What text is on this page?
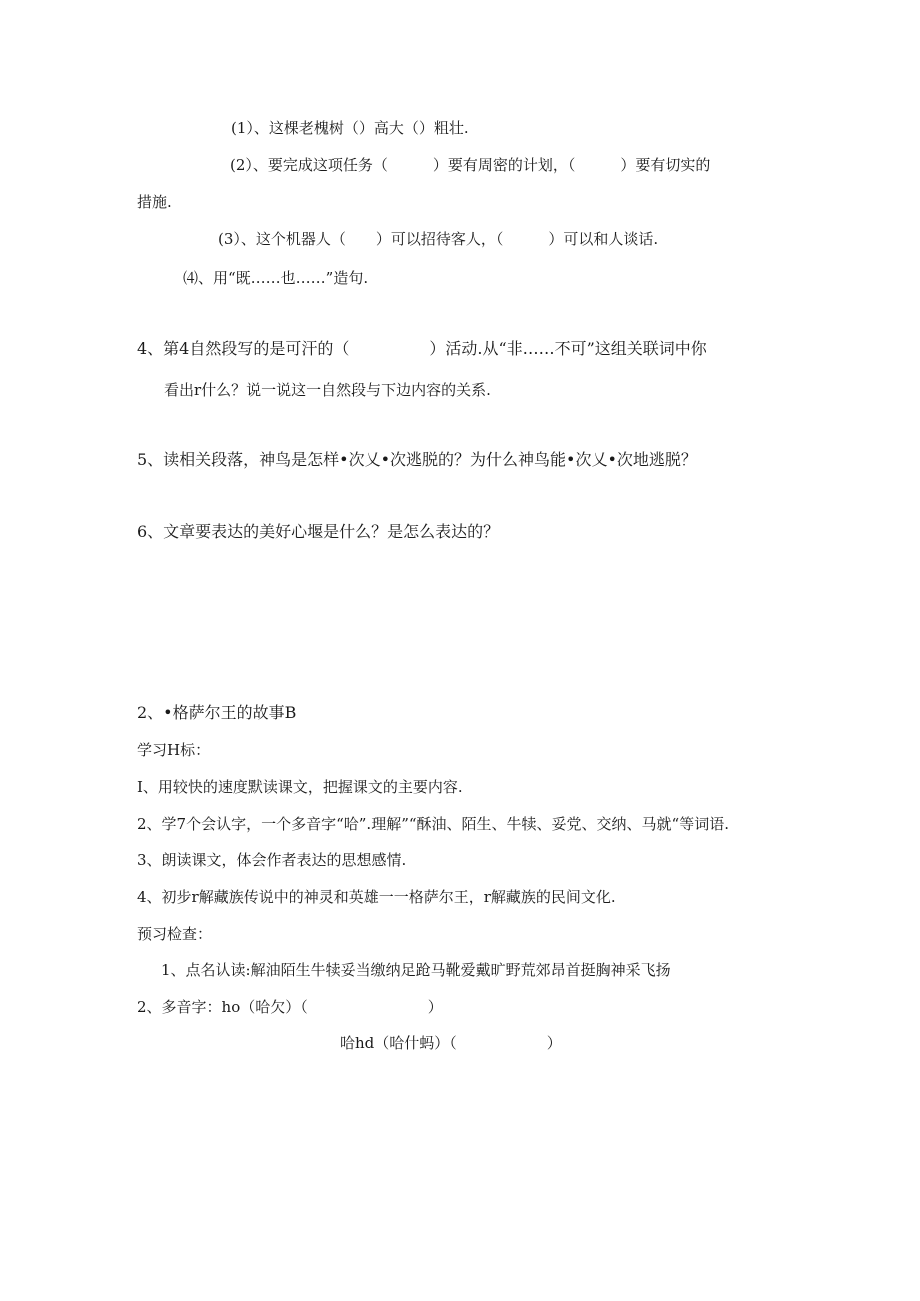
(1）、这棵老槐树（）高大（）粗壮.
(2）、要完成这项任务（　　　）要有周密的计划，（　　　）要有切实的
措施.
(3）、这个机器人（　　）可以招待客人，（　　　）可以和人谈话.
⑷、用“既……也……”造句.
4、第4自然段写的是可汗的（　　　　　）活动.从“非……不可”这组关联词中你
看出r什么？说一说这一自然段与下边内容的关系.
5、读相关段落，神鸟是怎样•次乂•次逃脱的？为什么神鸟能•次乂•次地逃脱？
6、文章要表达的美好心堰是什么？是怎么表达的？
2、•格萨尔王的故事B
学习H标：
I、用较快的速度默读课文，把握课文的主要内容.
2、学7个会认字，一个多音字“哈”.理解”“酥油、陌生、牛犊、妥党、交纳、马就“等词语.
3、朗读课文，体会作者表达的思想感情.
4、初步r解藏族传说中的神灵和英雄一一格萨尔王，r解藏族的民间文化.
预习检查：
1、点名认读:解油陌生牛犊妥当缴纳足跄马靴爱戴旷野荒郊昂首挺胸神采飞扬
2、多音字：ho（哈欠）（　　　　　　　　）
哈hd（哈什蚂）（　　　　　　）
